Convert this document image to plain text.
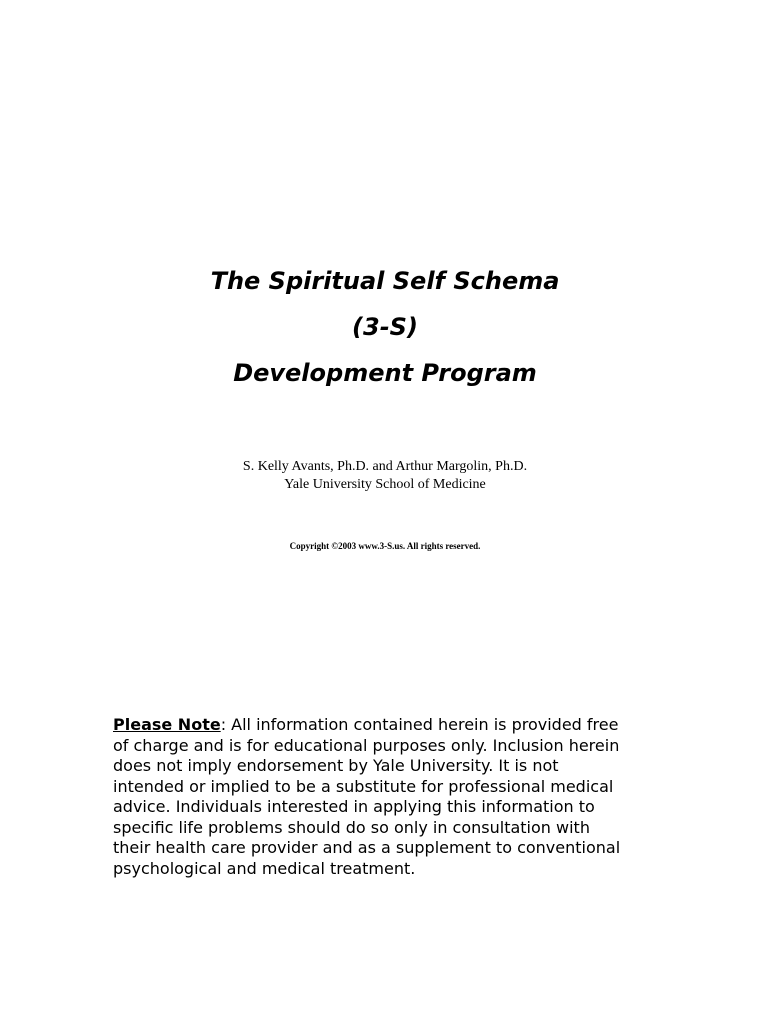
The Spiritual Self Schema
(3-S)
Development Program

S. Kelly Avants, Ph.D. and Arthur Margolin, Ph.D.

Yale University School of Medicine

Copyright ©2003 www.3-S.us. All rights reserved.

Please Note: All information contained herein is provided free
of charge and is for educational purposes only. Inclusion herein
does not imply endorsement by Yale University. It is not
intended or implied to be a substitute for professional medical
advice. Individuals interested in applying this information to
specific life problems should do so only in consultation with
their health care provider and as a supplement to conventional
psychological and medical treatment.
